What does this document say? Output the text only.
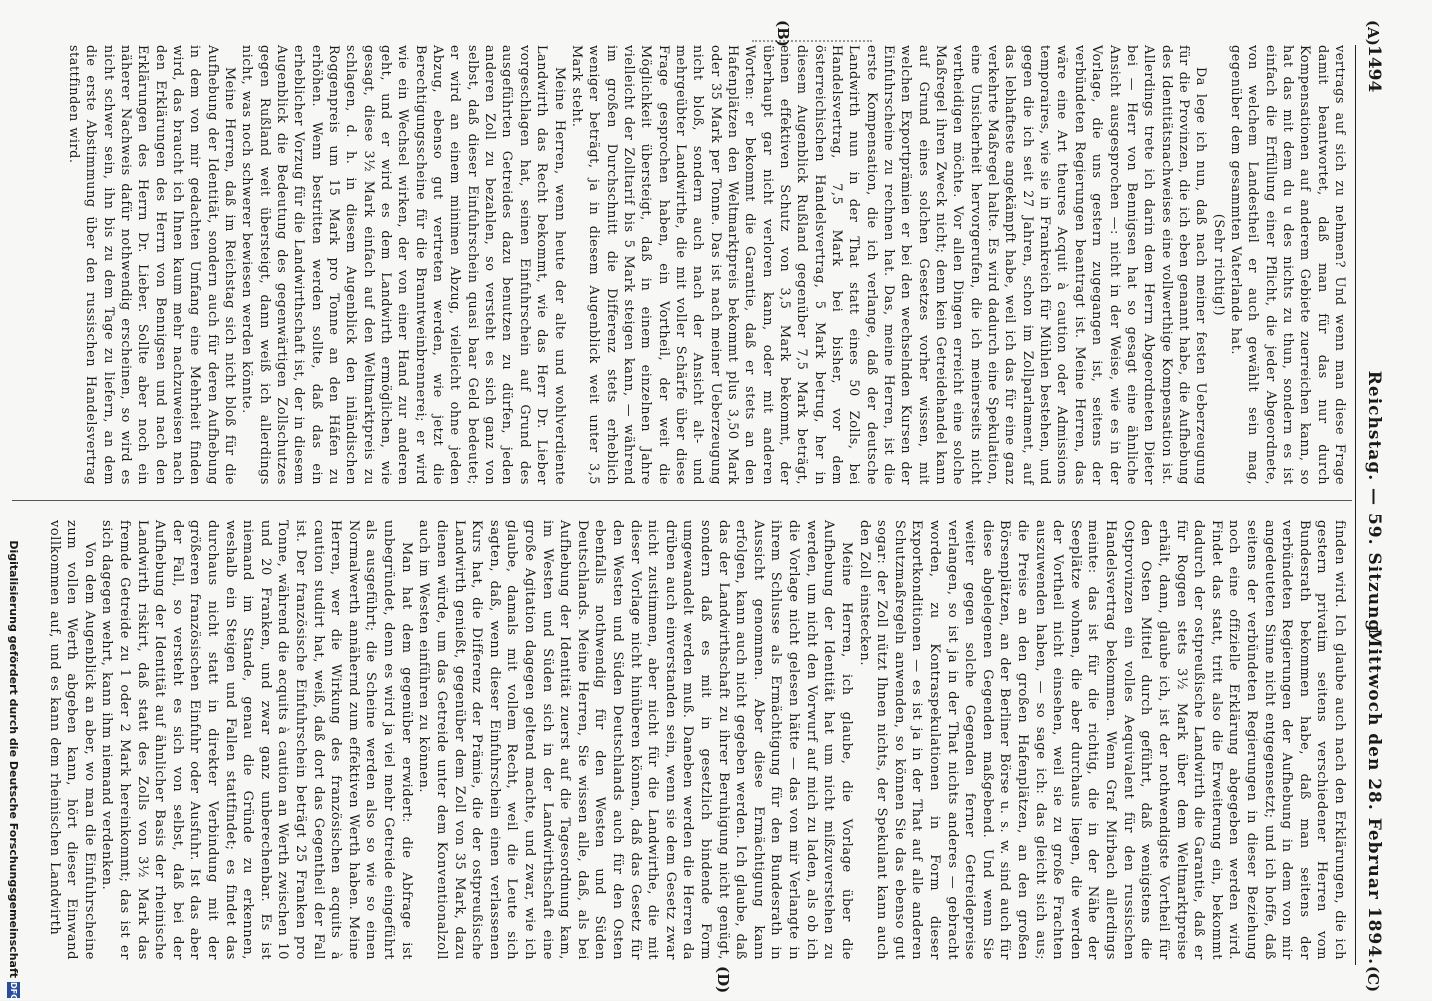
1494
Reichstag. — 59. Sitzung.
Mittwoch den 28. Februar 1894.
(A)
(B)
(C)
(D)

vertrags auf sich zu nehmen? Und wenn man diese Frage damit beantwortet, daß man für das nur durch Kompensationen auf anderem Gebiete zuerreichen kann, so hat das mit dem du u des nichts zu thun, sondern es ist einfach die Erfüllung einer Pflicht, die jeder Abgeordnete, von welchem Landestheil er auch gewählt sein mag, gegenüber dem gesammten Vaterlande hat.

(Sehr richtig!)

Da lege ich nun, daß nach meiner festen Ueberzeugung für die Provinzen, die ich eben genannt habe, die Aufhebung des Identitätsnachweises eine vollwerthige Kompensation ist. Allerdings trete ich darin dem Herrn Abgeordneten Dieter bei — Herr von Bennigsen hat so gesagt eine ähnliche Ansicht ausgesprochen —: nicht in der Weise, wie es in der Vorlage, die uns gestern zugegangen ist, seitens der verbündeten Regierungen beantragt ist. Meine Herren, das wäre eine Art theures Acquit à caution oder Admissions temporaires, wie sie in Frankreich für Mühlen bestehen, und gegen die ich seit 27 Jahren, schon im Zollparlament, auf das lebhafteste angekämpft habe, weil ich das für eine ganz verkehrte Maßregel halte. Es wird dadurch eine Spekulation, eine Unsicherheit hervorgerufen, die ich meinerseits nicht vertheidigen möchte. Vor allen Dingen erreicht eine solche Maßregel ihren Zweck nicht; denn kein Getreidehandel kann auf Grund eines solchen Gesetzes vorher wissen, mit welchen Exportprämien er bei den wechselnden Kursen der Einfuhrscheine zu rechnen hat. Das, meine Herren, ist die erste Kompensation, die ich verlange, daß der deutsche Landwirth nun in der That statt eines 50 Zolls, bei Handelsvertrag, 7,5 Mark bei bisher, vor dem österreichischen Handelsvertrag, 5 Mark betrug, her in diesem Augenblick Rußland gegenüber 7,5 Mark beträgt, einen effektiven Schutz von 3,5 Mark bekommt, der überhaupt gar nicht verloren kann, oder mit anderen Worten: er bekommt die Garantie, daß er stets an den Hafenplätzen den Weltmarktpreis bekommt plus 3,50 Mark oder 35 Mark per Tonne. Das ist nach meiner Ueberzeugung nicht bloß, sondern auch nach der Ansicht alt- und mehrgeübter Landwirthe, die mit voller Schärfe über diese Frage gesprochen haben, ein Vortheil, der weit die Möglichkeit übersteigt, daß in einem einzelnen Jahre vielleicht der Zolltarif bis 5 Mark steigen kann, — während im großen Durchschnitt die Differenz stets erheblich weniger beträgt, ja in diesem Augenblick weit unter 3,5 Mark steht.

Meine Herren, wenn heute der alte und wohlverdiente Landwirth das Recht bekommt, wie das Herr Dr. Lieber vorgeschlagen hat, seinen Einfuhrschein auf Grund des ausgeführten Getreides dazu benutzen zu dürfen, jeden anderen Zoll zu bezahlen, so versteht es sich ganz von selbst, daß dieser Einfuhrschein quasi baar Geld bedeutet; er wird an einem minimen Abzug, vielleicht ohne jeden Abzug, ebenso gut vertreten werden, wie jetzt die Berechtigungsscheine für die Branntweinbrennerei; er wird wie ein Wechsel wirken, der von einer Hand zur anderen geht, und er wird es dem Landwirth ermöglichen, wie gesagt, diese 3½ Mark einfach auf den Weltmarktpreis zu schlagen, d. h. in diesem Augenblick den inländischen Roggenpreis um 15 Mark pro Tonne an den Häfen zu erhöhen. Wenn bestritten werden sollte, daß das ein erheblicher Vorzug für die Landwirthschaft ist, der in diesem Augenblick die Bedeutung des gegenwärtigen Zollschutzes gegen Rußland weit übersteigt, dann weiß ich allerdings nicht, was noch schwerer bewiesen werden könnte.

Meine Herren, daß im Reichstag sich nicht bloß für die Aufhebung der Identität, sondern auch für deren Aufhebung in dem von mir gedachten Umfang eine Mehrheit finden wird, das braucht ich Ihnen kaum mehr nachzuweisen nach den Erklärungen des Herrn von Bennigsen und nach den Erklärungen des Herrn Dr. Lieber. Sollte aber noch ein näherer Nachweis dafür nothwendig erscheinen, so wird es nicht schwer sein, ihn bis zu dem Tage zu liefern, an dem die erste Abstimmung über den russischen Handelsvertrag stattfinden wird.

finden wird. Ich glaube auch nach den Erklärungen, die ich gestern privatim seitens verschiedener Herren vom Bundesrath bekommen habe, daß man seitens der verbündeten Regierungen der Aufhebung in dem von mir angedeuteten Sinne nicht entgegensetzt; und ich hoffe, daß seitens der verbündeten Regierungen in dieser Beziehung noch eine offizielle Erklärung abgegeben werden wird. Findet das statt, tritt also die Erweiterung ein, bekommt dadurch der ostpreußische Landwirth die Garantie, daß er für Roggen stets 3½ Mark über dem Weltmarktpreise erhält, dann, glaube ich, ist der nothwendigste Vortheil für den Osten Mittel durch geführt, daß wenigstens die Ostprovinzen ein volles Aequivalent für den russischen Handelsvertrag bekommen. Wenn Graf Mirbach allerdings meinte: das ist für die richtig, die in der Nähe der Seeplätze wohnen, die aber durchaus liegen, die werden der Vortheil nicht einsehen, weil sie zu große Frachten auszuwenden haben, — so sage ich: das gleicht sich aus; die Preise an den großen Hafenplätzen, an den großen Börsenplätzen, an der Berliner Börse u. s. w. sind auch für diese abgelegenen Gegenden maßgebend. Und wenn Sie weiter gegen solche Gegenden ferner Getreidepreise verlangen, so ist ja in der That nichts anderes — gebracht worden, zu Kontraspekulationen in Form dieser Exportkonditionen — es ist ja in der That auf alle anderen Schutzmaßregeln anwenden, so können Sie das ebenso gut sogar: der Zoll nützt Ihnen nichts, der Spekulant kann auch den Zoll einstecken.

Meine Herren, ich glaube, die Vorlage über die Aufhebung der Identität hat um nicht mißzuverstehen zu werden, um nicht den Vorwurf auf mich zu laden, als ob ich die Vorlage nicht gelesen hätte — das von mir Verlangte in ihrem Schlusse als Ermächtigung für den Bundesrath in Aussicht genommen. Aber diese Ermächtigung kann erfolgen, kann auch nicht gegeben werden. Ich glaube, daß das der Landwirthschaft zu ihrer Beruhigung nicht genügt, sondern daß es mit in gesetzlich bindende Form umgewandelt werden muß. Daneben werden die Herren da drüben auch einverstanden sein, wenn sie dem Gesetz zwar nicht zustimmen, aber nicht für die Landwirthe, die mit dieser Vorlage nicht hinüberen können, daß das Gesetz für den Westen und Süden Deutschlands auch für den Osten ebenfalls nothwendig für den Westen und Süden Deutschlands. Meine Herren, Sie wissen alle, daß, als bei Aufhebung der Identität zuerst auf die Tagesordnung kam, im Westen und Süden sich in der Landwirthschaft eine große Agitation dagegen geltend machte, und zwar, wie ich glaube, damals mit vollem Recht, weil die Leute sich sagten, daß, wenn dieser Einfuhrschein einen verlassenen Kurs hat, die Differenz der Prämie, die der ostpreußische Landwirth genießt, gegenüber dem Zoll von 35 Mark, dazu dienen würde, um das Getreide unter dem Konventionalzoll auch im Westen einführen zu können.

Man hat dem gegenüber erwidert: die Abfrage ist unbegründet, denn es wird ja viel mehr Getreide eingeführt als ausgeführt; die Scheine werden also so wie so einen Normalwerth annähernd zum effektiven Werth haben. Meine Herren, wer die Wirkung des französischen acquits à caution studirt hat, weiß, daß dort das Gegentheil der Fall ist. Der französische Einfuhrschein beträgt 25 Franken pro Tonne, während die acquits à caution an Werth zwischen 10 und 20 Franken, und zwar ganz unberechenbar. Es ist niemand im Stande, genau die Gründe zu erkennen, weshalb ein Steigen und Fallen stattfindet; es findet das durchaus nicht statt in direkter Verbindung mit der größeren französischen Einfuhr oder Ausfuhr. Ist das aber der Fall, so versteht es sich von selbst, daß bei der Aufhebung der Identität auf ähnlicher Basis der rheinische Landwirth riskirt, daß statt des Zolls von 3½ Mark das fremde Getreide zu 1 oder 2 Mark hereinkommt; das ist er sich dagegen wehrt, kann ihm niemand verdenken.

Von dem Augenblick an aber, wo man die Einfuhrscheine zum vollen Werth abgeben kann, hört dieser Einwand vollkommen auf, und es kann dem rheinischen Landwirth

Digitalisierung gefördert durch die Deutsche Forschungsgemeinschaft
DFG
